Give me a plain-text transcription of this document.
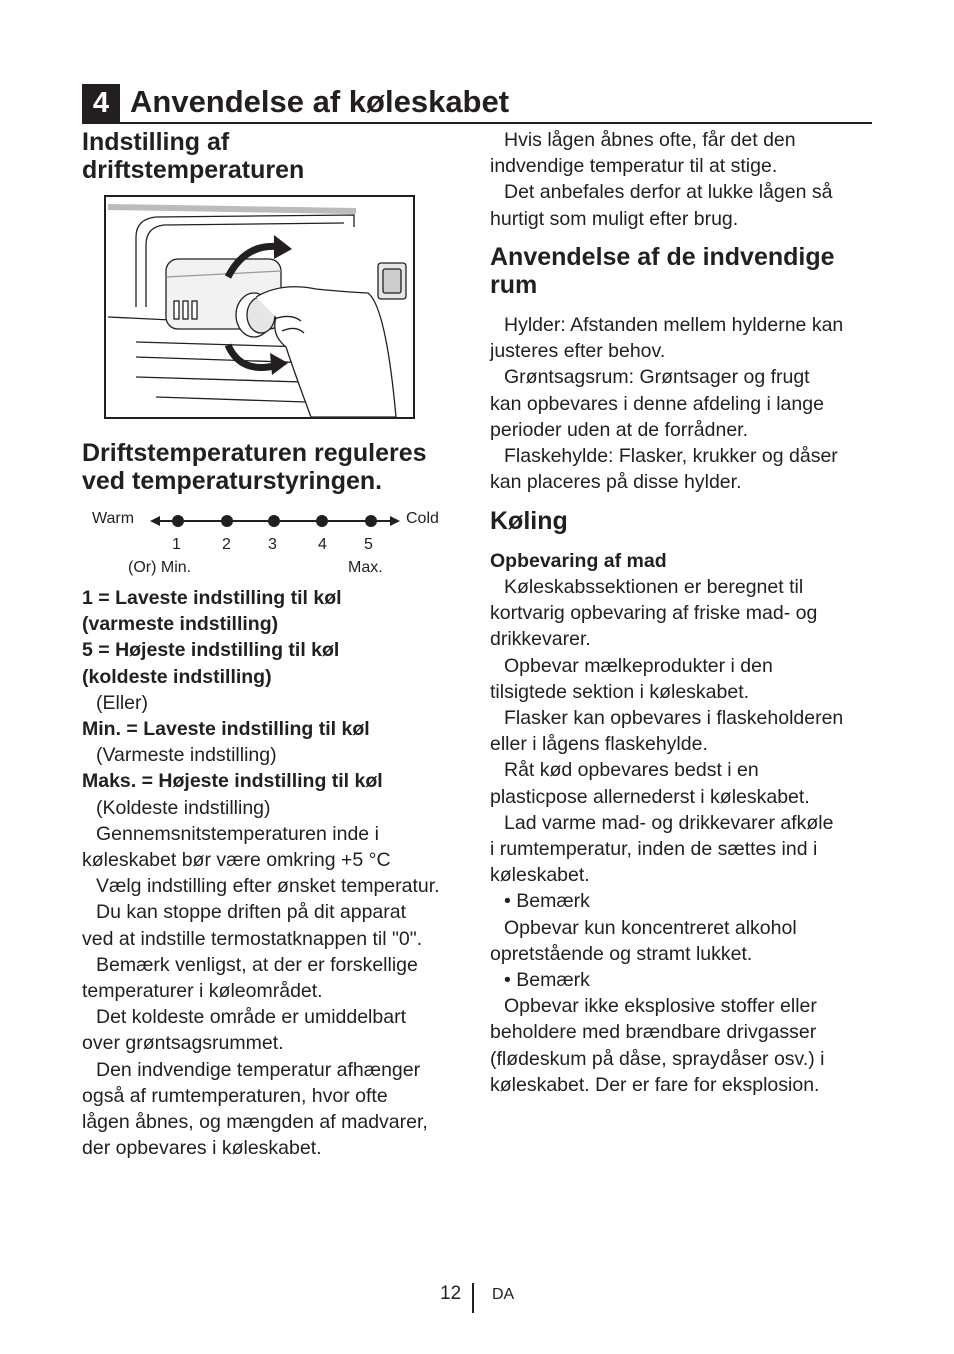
4 Anvendelse af køleskabet
Indstilling af driftstemperaturen
Driftstemperaturen reguleres ved temperaturstyringen.
Warm	Cold
1	2 3	4 5
(Or) Min.	Max.

1 = Laveste indstilling til køl

(varmeste indstilling)

5 = Højeste indstilling til køl

(koldeste indstilling)

(Eller)

Min. = Laveste indstilling til køl

(Varmeste indstilling)

Maks. = Højeste indstilling til køl

(Koldeste indstilling)

Gennemsnitstemperaturen inde i

køleskabet bør være omkring +5 °C

Vælg indstilling efter ønsket temperatur.

Du kan stoppe driften på dit apparat

ved at indstille termostatknappen til "0".

Bemærk venligst, at der er forskellige

temperaturer i køleområdet.

Det koldeste område er umiddelbart

over grøntsagsrummet.

Den indvendige temperatur afhænger

også af rumtemperaturen, hvor ofte

lågen åbnes, og mængden af madvarer,

der opbevares i køleskabet.

Hvis lågen åbnes ofte, får det den

indvendige temperatur til at stige.

Det anbefales derfor at lukke lågen så

hurtigt som muligt efter brug.

Anvendelse af de indvendige rum

Hylder: Afstanden mellem hylderne kan

justeres efter behov.

Grøntsagsrum: Grøntsager og frugt

kan opbevares i denne afdeling i lange

perioder uden at de forrådner.

Flaskehylde: Flasker, krukker og dåser

kan placeres på disse hylder.

Køling
Opbevaring af mad

Køleskabssektionen er beregnet til

kortvarig opbevaring af friske mad- og

drikkevarer.

Opbevar mælkeprodukter i den

tilsigtede sektion i køleskabet.

Flasker kan opbevares i flaskeholderen

eller i lågens flaskehylde.

Råt kød opbevares bedst i en

plasticpose allernederst i køleskabet.

Lad varme mad- og drikkevarer afkøle

i rumtemperatur, inden de sættes ind i

køleskabet.

• Bemærk

Opbevar kun koncentreret alkohol

opretstående og stramt lukket.

• Bemærk

Opbevar ikke eksplosive stoffer eller

beholdere med brændbare drivgasser

(flødeskum på dåse, spraydåser osv.) i

køleskabet. Der er fare for eksplosion.

12 DA
